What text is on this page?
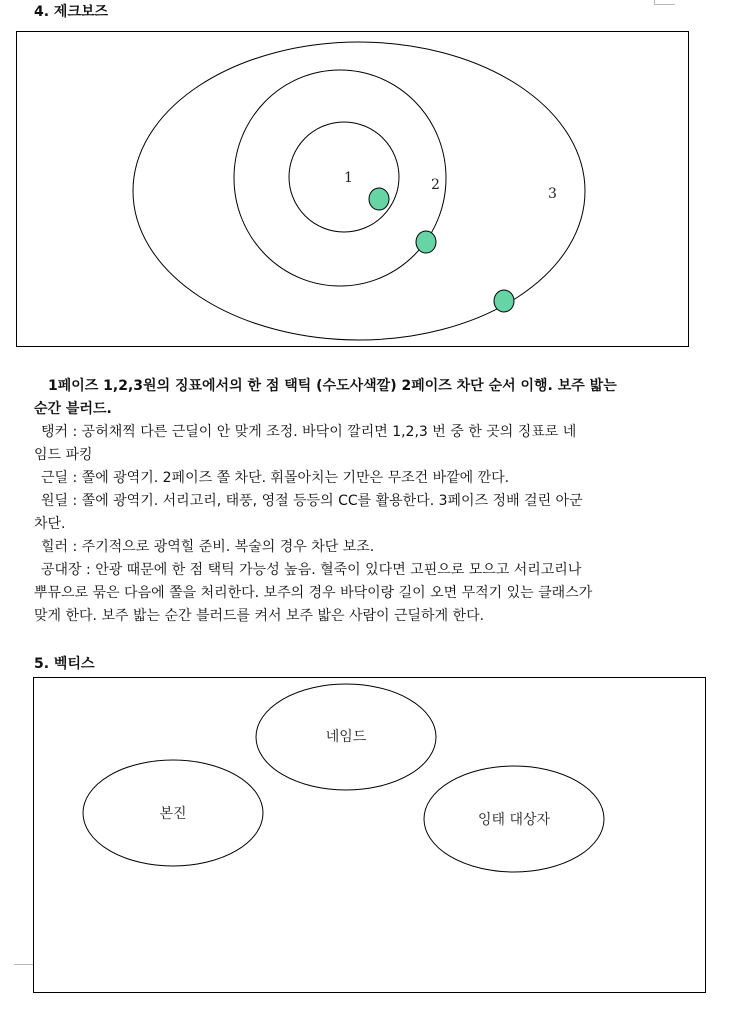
4. 제크보즈
1	2
3
1페이즈 1,2,3원의 징표에서의 한 점 택틱 (수도사색깔) 2페이즈 차단 순서 이행. 보주 밟는
순간 블러드.
탱커 : 공허채찍 다른 근딜이 안 맞게 조정. 바닥이 깔리면 1,2,3 번 중 한 곳의 징표로 네
임드 파킹
근딜 : 쫄에 광역기. 2페이즈 쫄 차단. 휘몰아치는 기만은 무조건 바깥에 깐다.
원딜 : 쫄에 광역기. 서리고리, 태풍, 영절 등등의 CC를 활용한다. 3페이즈 정배 걸린 아군
차단.
힐러 : 주기적으로 광역힐 준비. 복술의 경우 차단 보조.
공대장 : 안광 때문에 한 점 택틱 가능성 높음. 혈죽이 있다면 고핀으로 모으고 서리고리나
뿌뮤으로 묶은 다음에 쫄을 처리한다. 보주의 경우 바닥이랑 길이 오면 무적기 있는 클래스가
맞게 한다. 보주 밟는 순간 블러드를 켜서 보주 밟은 사람이 근딜하게 한다.
5. 벡티스
네임드
본진	잉태 대상자
